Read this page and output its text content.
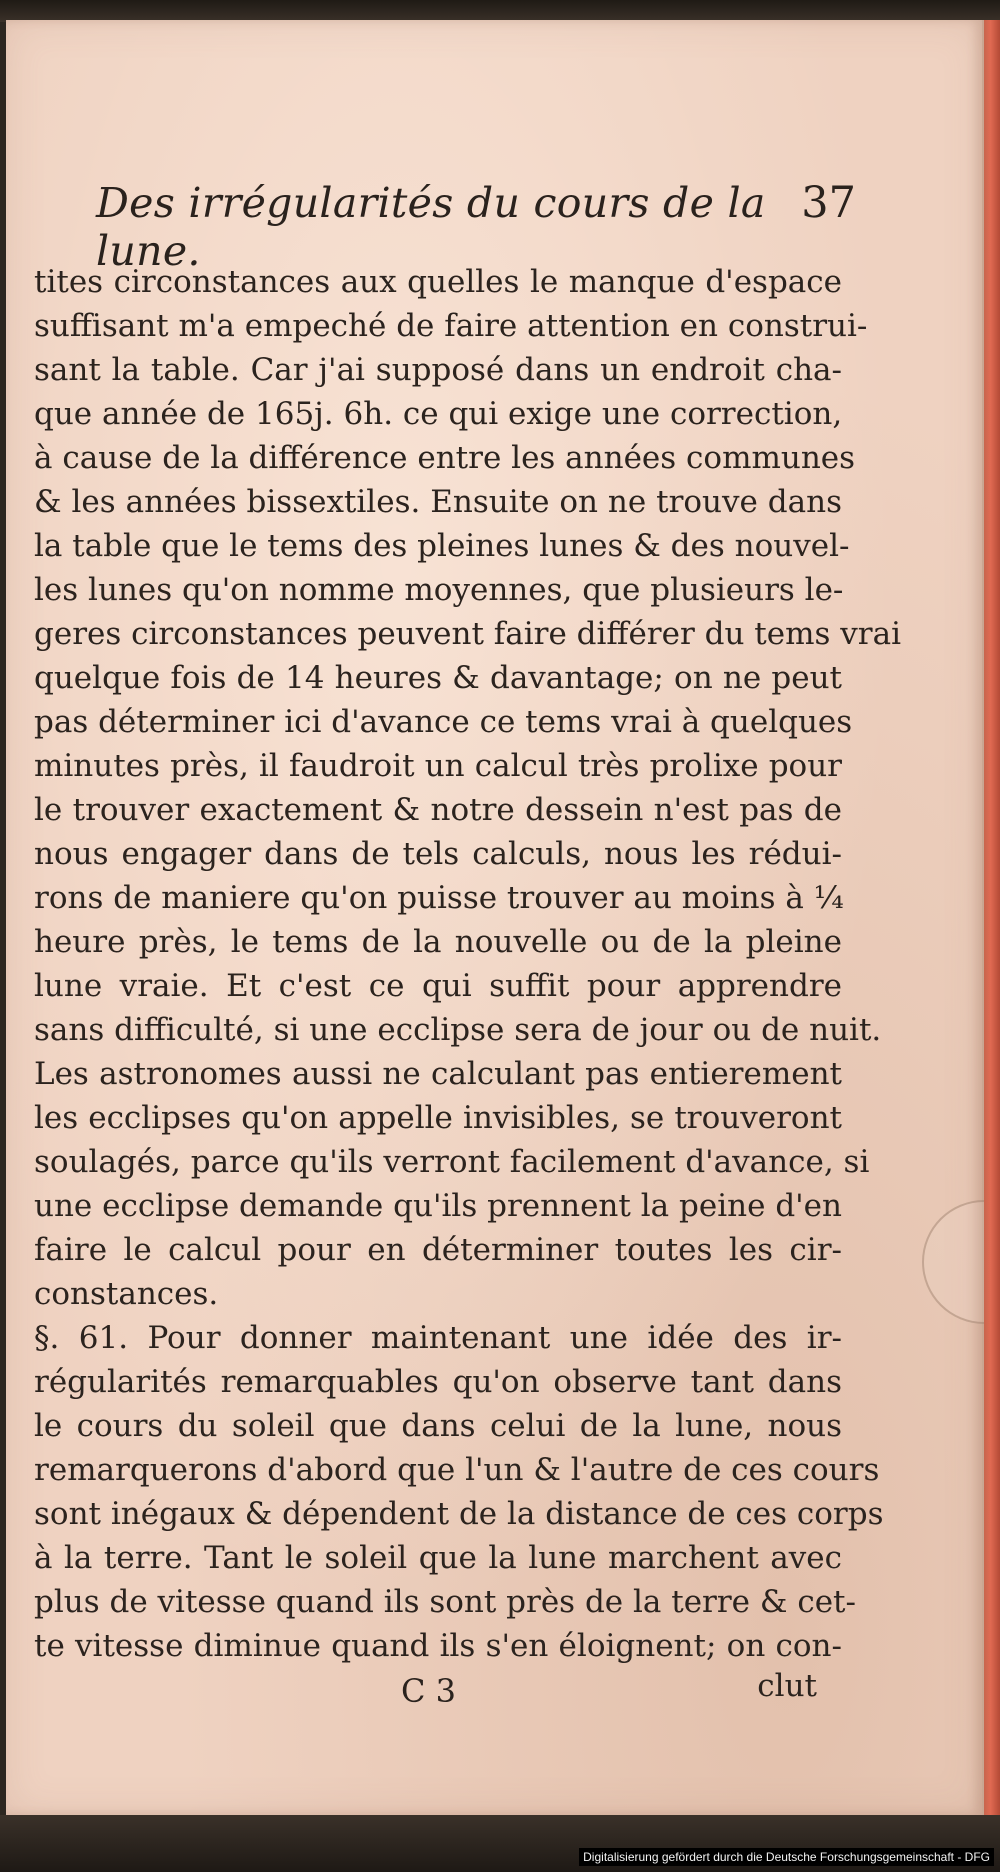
Des irrégularités du cours de la lune.
37
tites circonstances aux quelles le manque d'espace
suffisant m'a empeché de faire attention en construi-
sant la table. Car j'ai supposé dans un endroit cha-
que année de 165j. 6h. ce qui exige une correction,
à cause de la différence entre les années communes
& les années bissextiles. Ensuite on ne trouve dans
la table que le tems des pleines lunes & des nouvel-
les lunes qu'on nomme moyennes, que plusieurs le-
geres circonstances peuvent faire différer du tems vrai
quelque fois de 14 heures & davantage; on ne peut
pas déterminer ici d'avance ce tems vrai à quelques
minutes près, il faudroit un calcul très prolixe pour
le trouver exactement & notre dessein n'est pas de
nous engager dans de tels calculs, nous les rédui-
rons de maniere qu'on puisse trouver au moins à ¼
heure près, le tems de la nouvelle ou de la pleine
lune vraie. Et c'est ce qui suffit pour apprendre
sans difficulté, si une ecclipse sera de jour ou de nuit.
Les astronomes aussi ne calculant pas entierement
les ecclipses qu'on appelle invisibles, se trouveront
soulagés, parce qu'ils verront facilement d'avance, si
une ecclipse demande qu'ils prennent la peine d'en
faire le calcul pour en déterminer toutes les cir-
constances.
§. 61. Pour donner maintenant une idée des ir-
régularités remarquables qu'on observe tant dans
le cours du soleil que dans celui de la lune, nous
remarquerons d'abord que l'un & l'autre de ces cours
sont inégaux & dépendent de la distance de ces corps
à la terre. Tant le soleil que la lune marchent avec
plus de vitesse quand ils sont près de la terre & cet-
te vitesse diminue quand ils s'en éloignent; on con-
C 3	clut
Digitalisierung gefördert durch die Deutsche Forschungsgemeinschaft - DFG
